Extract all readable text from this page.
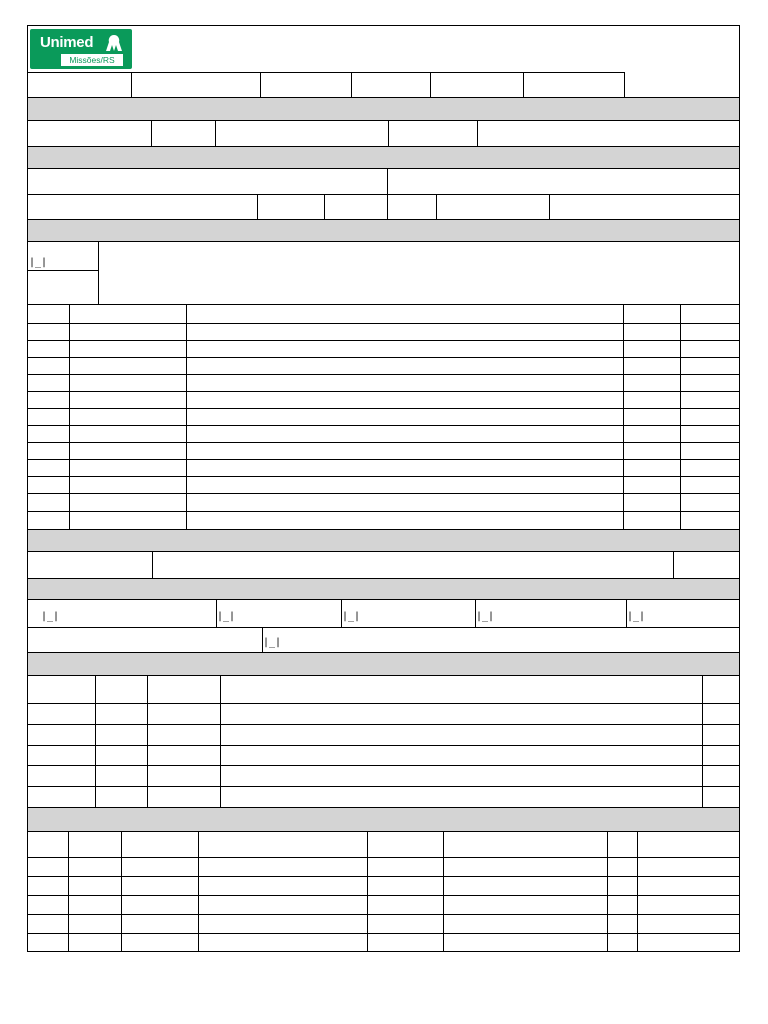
Unimed
Missões/RS
|_|
|_|	|_|	|_|	|_|	|_|
|_|
